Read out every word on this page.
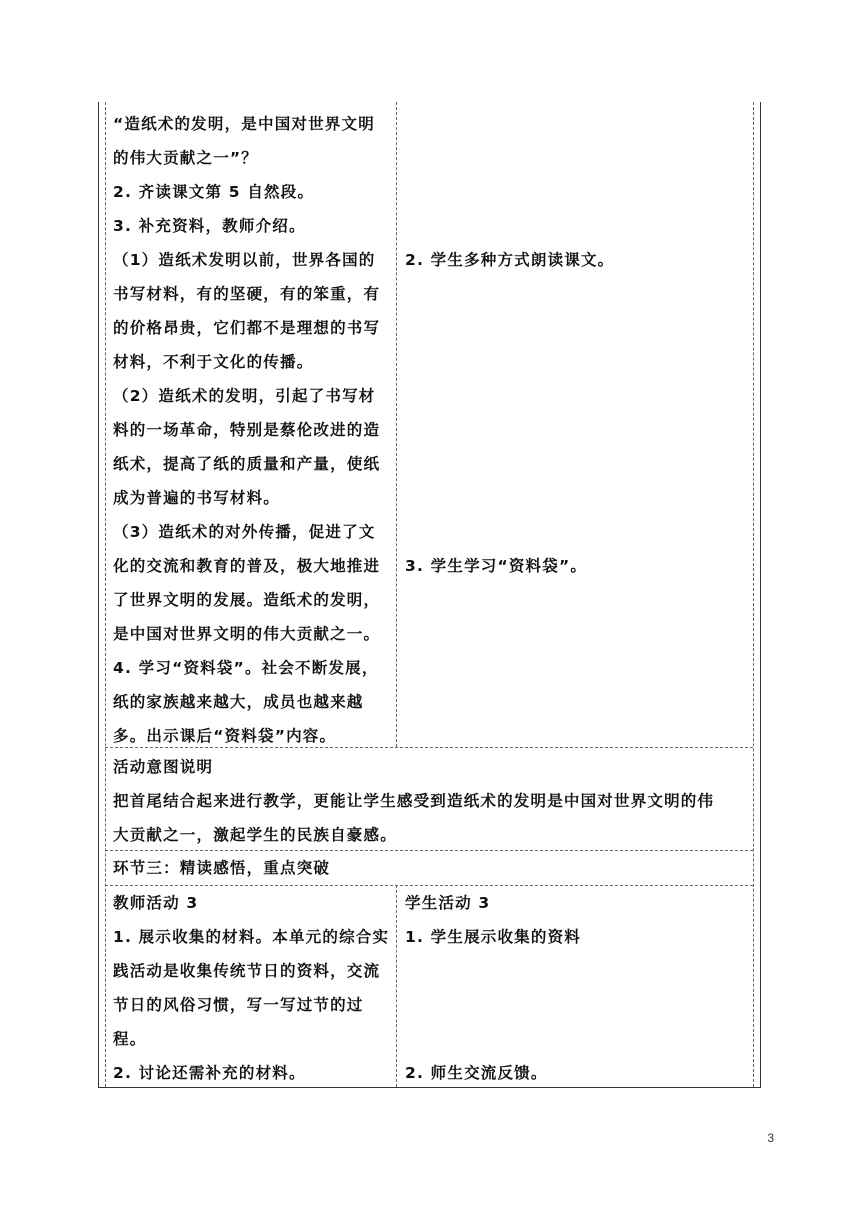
“造纸术的发明，是中国对世界文明
的伟大贡献之一”？
2. 齐读课文第 5 自然段。
3. 补充资料，教师介绍。
（1）造纸术发明以前，世界各国的
书写材料，有的坚硬，有的笨重，有
的价格昂贵，它们都不是理想的书写
材料，不利于文化的传播。
（2）造纸术的发明，引起了书写材
料的一场革命，特别是蔡伦改进的造
纸术，提高了纸的质量和产量，使纸
成为普遍的书写材料。
（3）造纸术的对外传播，促进了文
化的交流和教育的普及，极大地推进
了世界文明的发展。造纸术的发明，
是中国对世界文明的伟大贡献之一。
4. 学习“资料袋”。社会不断发展，
纸的家族越来越大，成员也越来越
多。出示课后“资料袋”内容。
2. 学生多种方式朗读课文。
3. 学生学习“资料袋”。
活动意图说明
把首尾结合起来进行教学，更能让学生感受到造纸术的发明是中国对世界文明的伟
大贡献之一，激起学生的民族自豪感。
环节三：精读感悟，重点突破
教师活动 3
1. 展示收集的材料。本单元的综合实
践活动是收集传统节日的资料，交流
节日的风俗习惯，写一写过节的过
程。
2. 讨论还需补充的材料。
学生活动 3
1. 学生展示收集的资料
2. 师生交流反馈。
3
